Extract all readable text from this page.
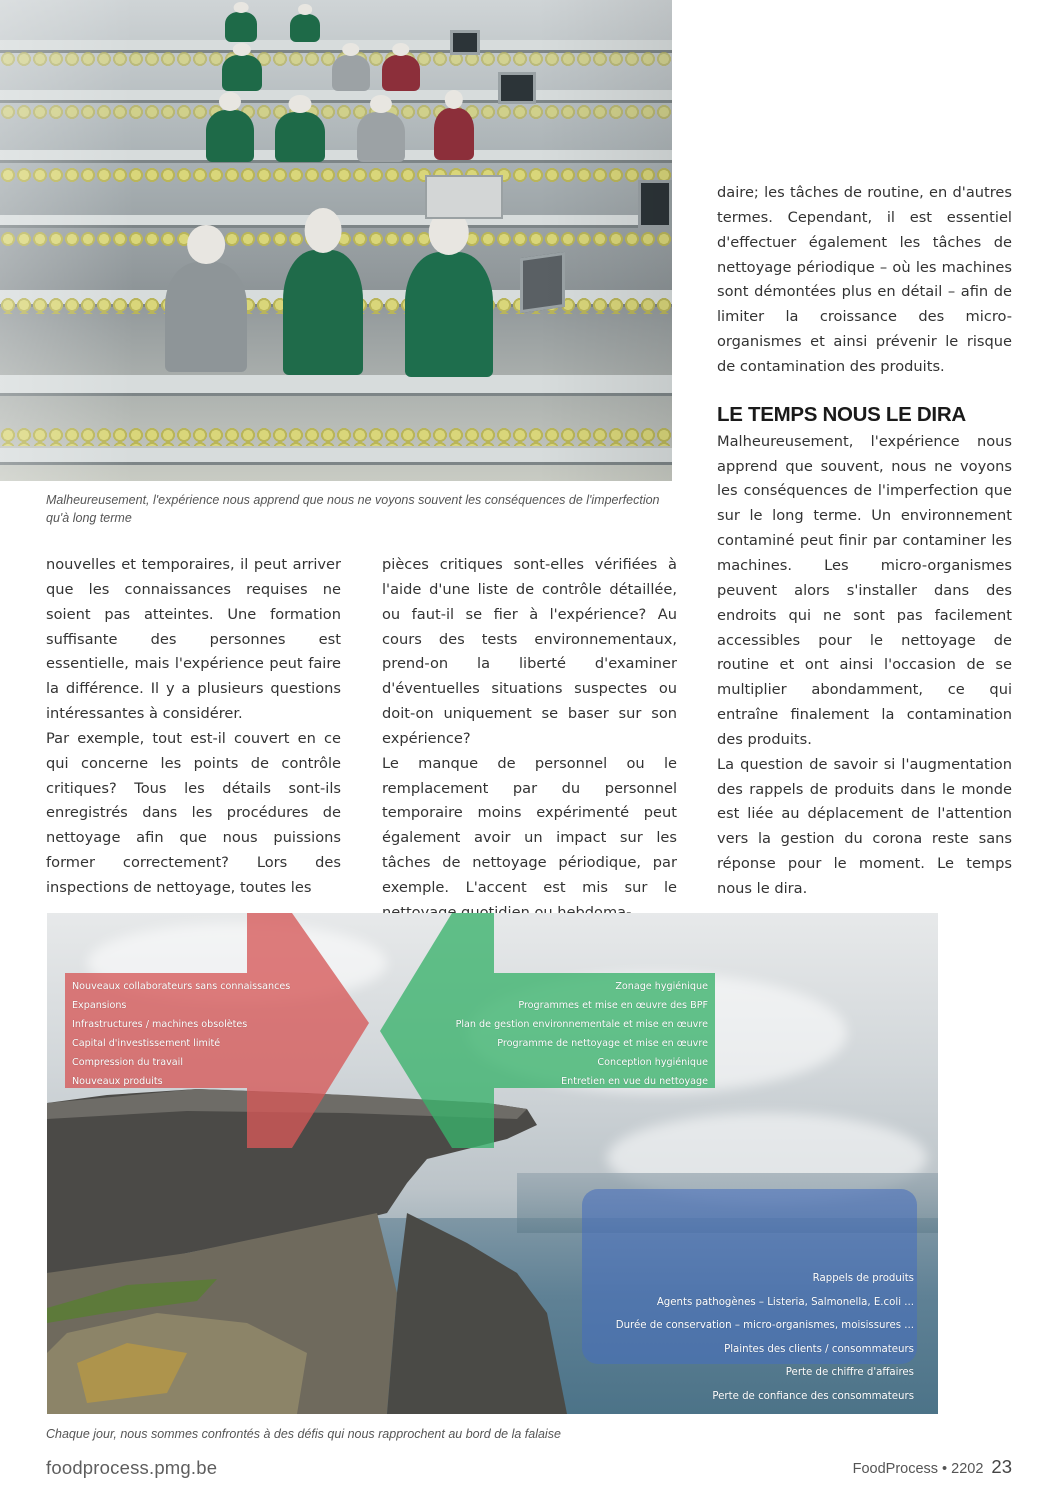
Malheureusement, l'expérience nous apprend que nous ne voyons souvent les conséquences de l'imperfection qu'à long terme

nouvelles et temporaires, il peut arriver que les connaissances requises ne soient pas atteintes. Une formation suffisante des personnes est essentielle, mais l'expérience peut faire la différence. Il y a plusieurs questions intéressantes à considérer.

Par exemple, tout est-il couvert en ce qui concerne les points de contrôle critiques? Tous les détails sont-ils enregistrés dans les procédures de nettoyage afin que nous puissions former correctement? Lors des inspections de nettoyage, toutes les

pièces critiques sont-elles vérifiées à l'aide d'une liste de contrôle détaillée, ou faut-il se fier à l'expérience? Au cours des tests environnementaux, prend-on la liberté d'examiner d'éventuelles situations suspectes ou doit-on uniquement se baser sur son expérience?

Le manque de personnel ou le remplacement par du personnel temporaire moins expérimenté peut également avoir un impact sur les tâches de nettoyage périodique, par exemple. L'accent est mis sur le

daire; les tâches de routine, en d'autres termes. Cependant, il est essentiel d'effectuer également les tâches de nettoyage périodique – où les machines sont démontées plus en détail – afin de limiter la croissance des micro-organismes et ainsi prévenir le risque de contamination des produits.

LE TEMPS NOUS LE DIRA

Malheureusement, l'expérience nous apprend que souvent, nous ne voyons les conséquences de l'imperfection que sur le long terme. Un environnement contaminé peut finir par contaminer les machines. Les micro-organismes peuvent alors s'installer dans des endroits qui ne sont pas facilement accessibles pour le nettoyage de routine et ont ainsi l'occasion de se multiplier abondamment, ce qui entraîne finalement la contamination des produits.

La question de savoir si l'augmentation des rappels de produits dans le monde est liée au déplacement de l'attention vers la gestion du corona reste sans réponse pour le moment. Le temps nous le dira.

Nouveaux collaborateurs sans connaissances
Expansions
Infrastructures / machines obsolètes
Capital d'investissement limité
Compression du travail
Nouveaux produits
Zonage hygiénique
Programmes et mise en œuvre des BPF
Plan de gestion environnementale et mise en œuvre
Programme de nettoyage et mise en œuvre
Conception hygiénique
Entretien en vue du nettoyage
Rappels de produits
Agents pathogènes – Listeria, Salmonella, E.coli ...
Durée de conservation – micro-organismes, moisissures ...
Plaintes des clients / consommateurs
Perte de chiffre d'affaires
Perte de confiance des consommateurs
Chaque jour, nous sommes confrontés à des défis qui nous rapprochent au bord de la falaise
foodprocess.pmg.be	FoodProcess • 2202 23
